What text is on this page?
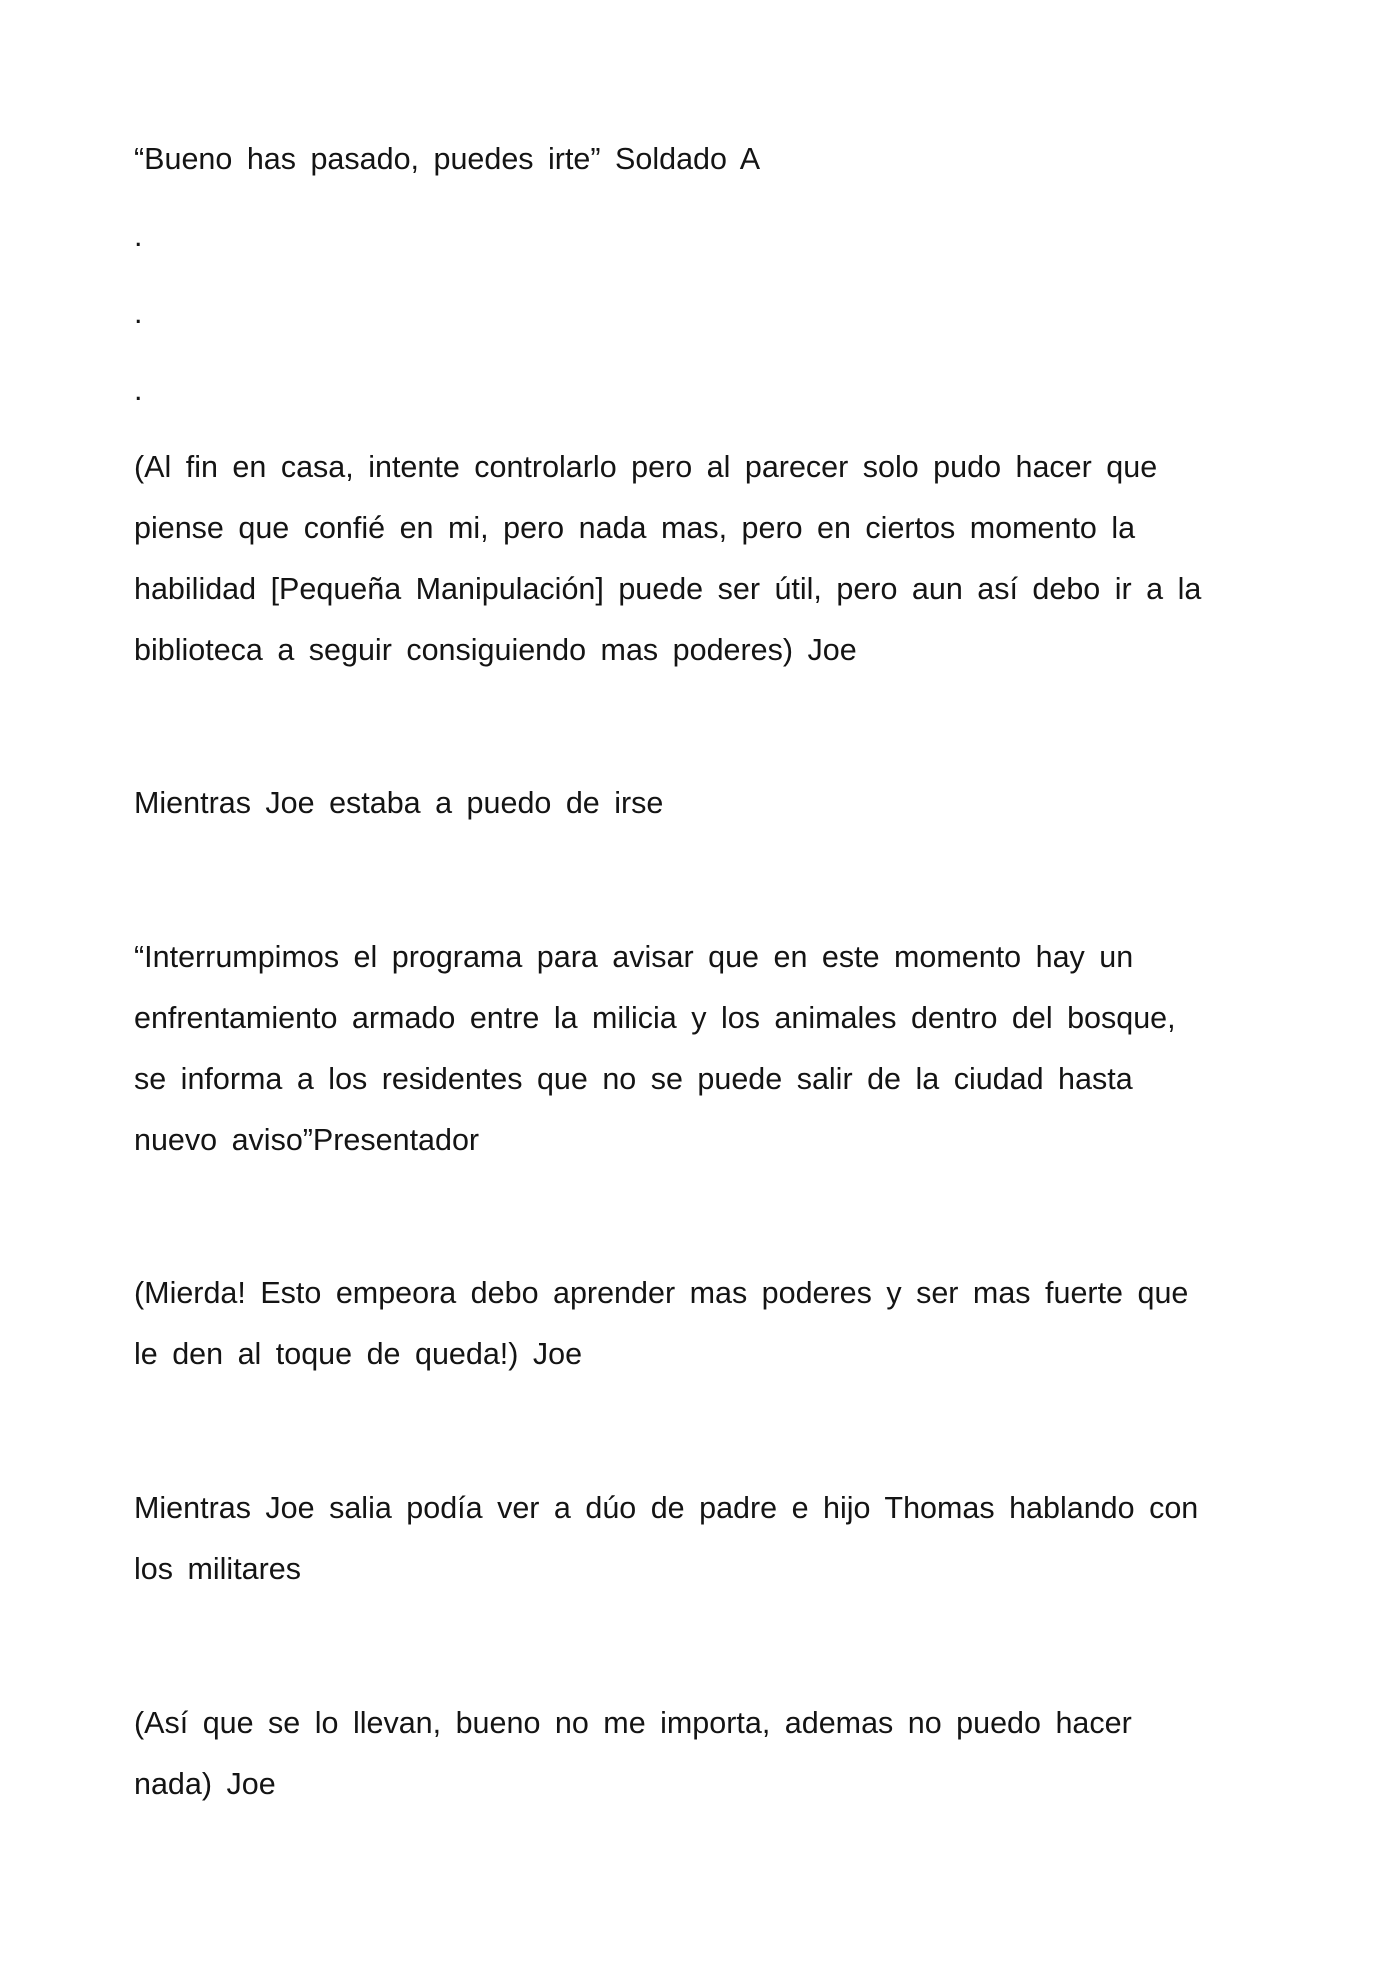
“Bueno has pasado, puedes irte” Soldado A

.
.
.

(Al fin en casa, intente controlarlo pero al parecer solo pudo hacer que
piense que confié en mi, pero nada mas, pero en ciertos momento la
habilidad [Pequeña Manipulación] puede ser útil, pero aun así debo ir a la
biblioteca a seguir consiguiendo mas poderes) Joe

Mientras Joe estaba a puedo de irse

“Interrumpimos el programa para avisar que en este momento hay un
enfrentamiento armado entre la milicia y los animales dentro del bosque,
se informa a los residentes que no se puede salir de la ciudad hasta
nuevo aviso”Presentador

(Mierda! Esto empeora debo aprender mas poderes y ser mas fuerte que
le den al toque de queda!) Joe

Mientras Joe salia podía ver a dúo de padre e hijo Thomas hablando con
los militares

(Así que se lo llevan, bueno no me importa, ademas no puedo hacer
nada) Joe
